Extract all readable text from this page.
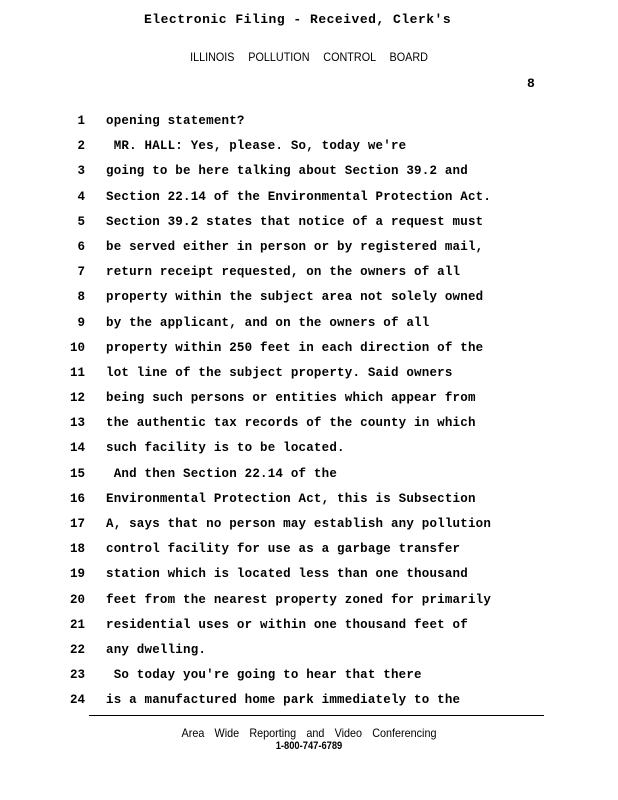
Electronic Filing - Received, Clerk's
ILLINOIS POLLUTION CONTROL BOARD
8
1 opening statement?
2 MR. HALL: Yes, please. So, today we're
3 going to be here talking about Section 39.2 and
4 Section 22.14 of the Environmental Protection Act.
5 Section 39.2 states that notice of a request must
6 be served either in person or by registered mail,
7 return receipt requested, on the owners of all
8 property within the subject area not solely owned
9 by the applicant, and on the owners of all
10 property within 250 feet in each direction of the
11 lot line of the subject property. Said owners
12 being such persons or entities which appear from
13 the authentic tax records of the county in which
14 such facility is to be located.
15 And then Section 22.14 of the
16 Environmental Protection Act, this is Subsection
17 A, says that no person may establish any pollution
18 control facility for use as a garbage transfer
19 station which is located less than one thousand
20 feet from the nearest property zoned for primarily
21 residential uses or within one thousand feet of
22 any dwelling.
23 So today you're going to hear that there
24 is a manufactured home park immediately to the
Area Wide Reporting and Video Conferencing
1-800-747-6789
